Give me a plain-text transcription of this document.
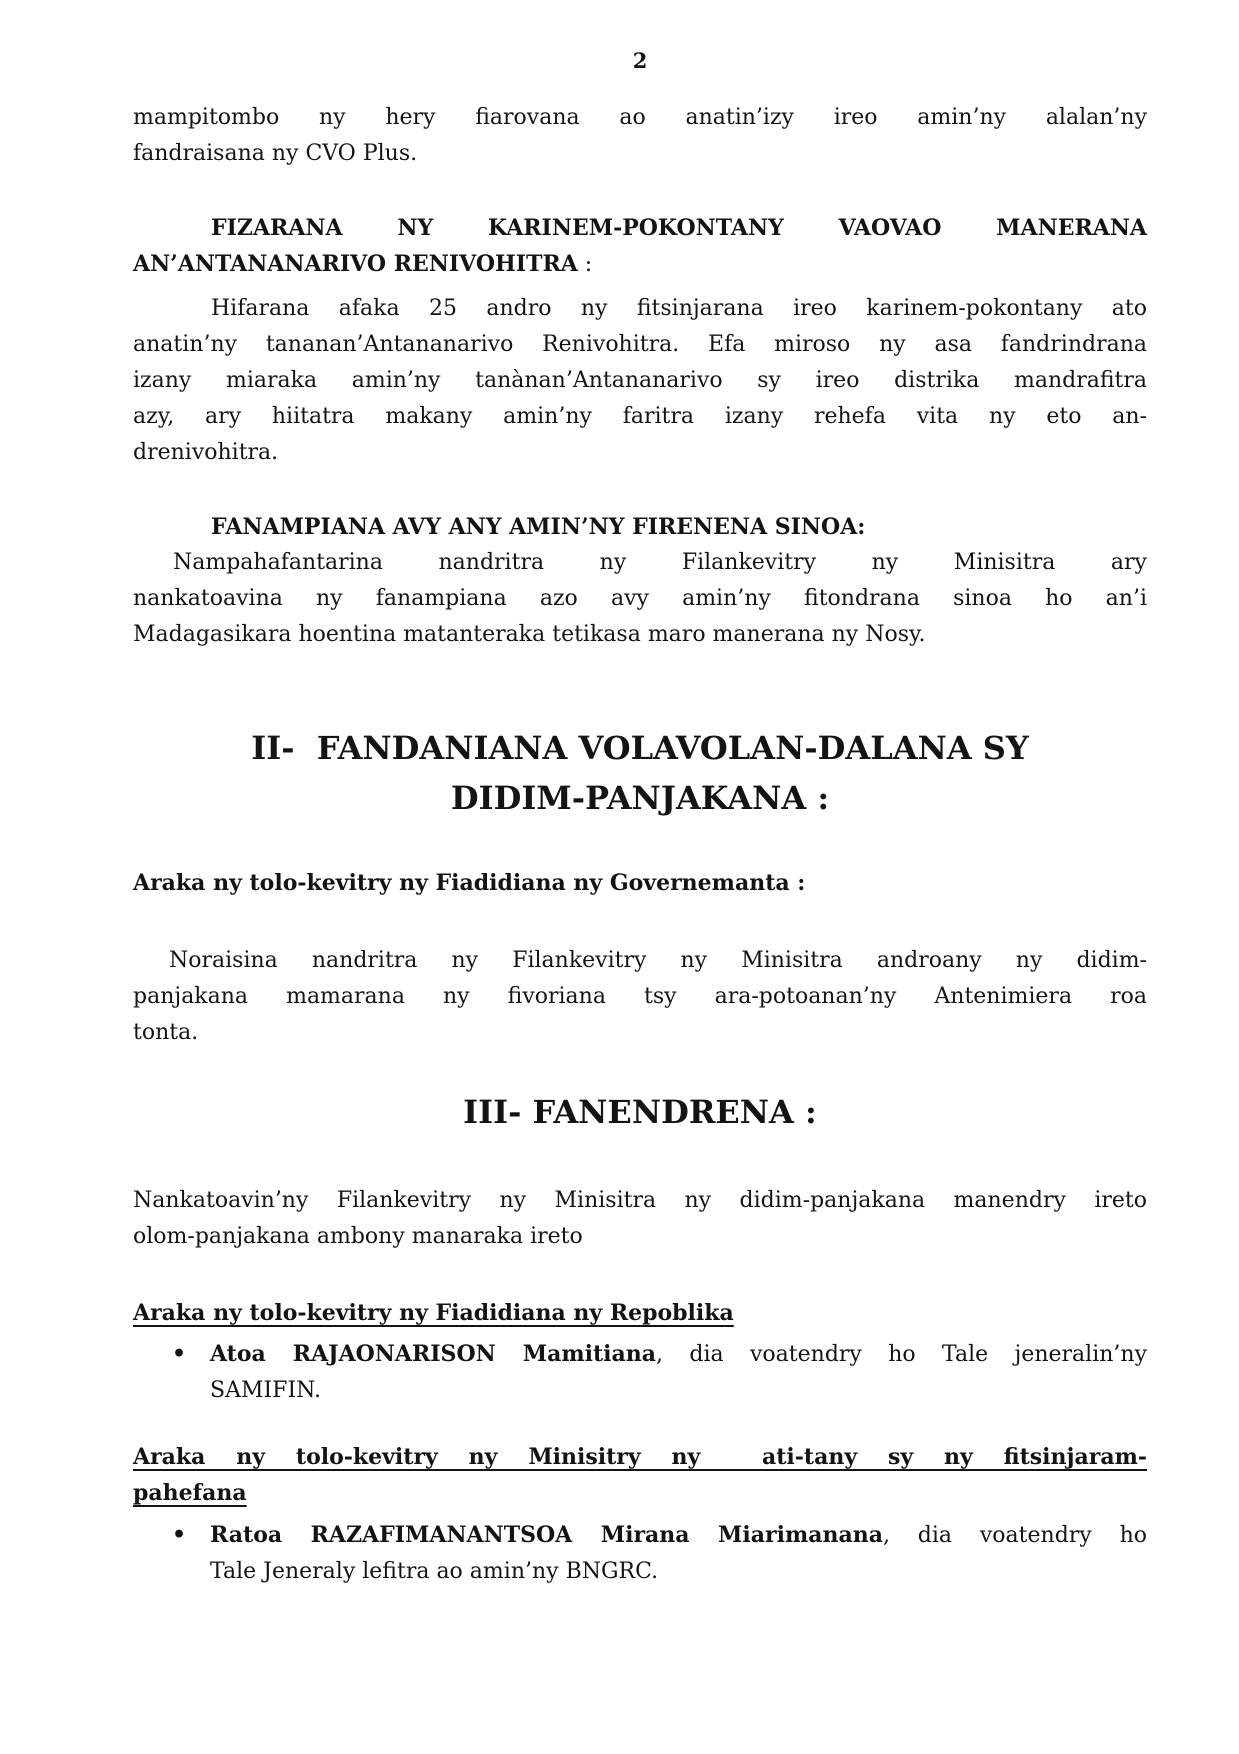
2
mampitombo ny hery fiarovana ao anatin’izy ireo amin’ny alalan’ny
fandraisana ny CVO Plus.
FIZARANA NY KARINEM-POKONTANY VAOVAO MANERANA
AN’ANTANANARIVO RENIVOHITRA :
Hifarana afaka 25 andro ny fitsinjarana ireo karinem-pokontany ato
anatin’ny tananan’Antananarivo Renivohitra. Efa miroso ny asa fandrindrana
izany miaraka amin’ny tanànan’Antananarivo sy ireo distrika mandrafitra
azy, ary hiitatra makany amin’ny faritra izany rehefa vita ny eto an-
drenivohitra.
FANAMPIANA AVY ANY AMIN’NY FIRENENA SINOA:
Nampahafantarina nandritra ny Filankevitry ny Minisitra ary
nankatoavina ny fanampiana azo avy amin’ny fitondrana sinoa ho an’i
Madagasikara hoentina matanteraka tetikasa maro manerana ny Nosy.
II-  FANDANIANA VOLAVOLAN-DALANA SY
DIDIM-PANJAKANA :
Araka ny tolo-kevitry ny Fiadidiana ny Governemanta :
Noraisina nandritra ny Filankevitry ny Minisitra androany ny didim-
panjakana mamarana ny fivoriana tsy ara-potoanan’ny Antenimiera roa
tonta.
III- FANENDRENA :
Nankatoavin’ny Filankevitry ny Minisitra ny didim-panjakana manendry ireto
olom-panjakana ambony manaraka ireto
Araka ny tolo-kevitry ny Fiadidiana ny Repoblika
•	Atoa RAJAONARISON Mamitiana, dia voatendry ho Tale jeneralin’ny
SAMIFIN.
Araka ny tolo-kevitry ny Minisitry ny  ati-tany sy ny fitsinjaram-
pahefana
•	Ratoa RAZAFIMANANTSOA Mirana Miarimanana, dia voatendry ho
Tale Jeneraly lefitra ao amin’ny BNGRC.
